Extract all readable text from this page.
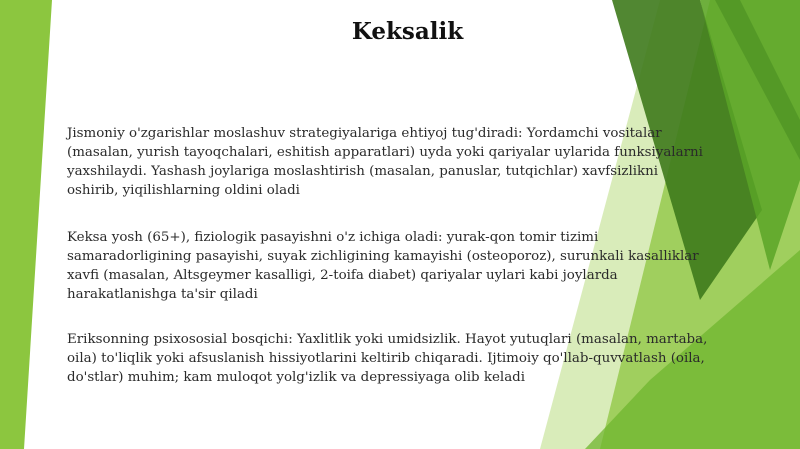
Keksalik

Jismoniy o'zgarishlar moslashuv strategiyalariga ehtiyoj tug'diradi: Yordamchi vositalar
(masalan, yurish tayoqchalari, eshitish apparatlari) uyda yoki qariyalar uylarida funksiyalarni
yaxshilaydi. Yashash joylariga moslashtirish (masalan, panuslar, tutqichlar) xavfsizlikni
oshirib, yiqilishlarning oldini oladi

Keksa yosh (65+), fiziologik pasayishni o'z ichiga oladi: yurak-qon tomir tizimi
samaradorligining pasayishi, suyak zichligining kamayishi (osteoporoz), surunkali kasalliklar
xavfi (masalan, Altsgeymer kasalligi, 2-toifa diabet) qariyalar uylari kabi joylarda
harakatlanishga ta'sir qiladi

Eriksonning psixososial bosqichi: Yaxlitlik yoki umidsizlik. Hayot yutuqlari (masalan, martaba,
oila) to'liqlik yoki afsuslanish hissiyotlarini keltirib chiqaradi. Ijtimoiy qo'llab-quvvatlash (oila,
do'stlar) muhim; kam muloqot yolg'izlik va depressiyaga olib keladi
